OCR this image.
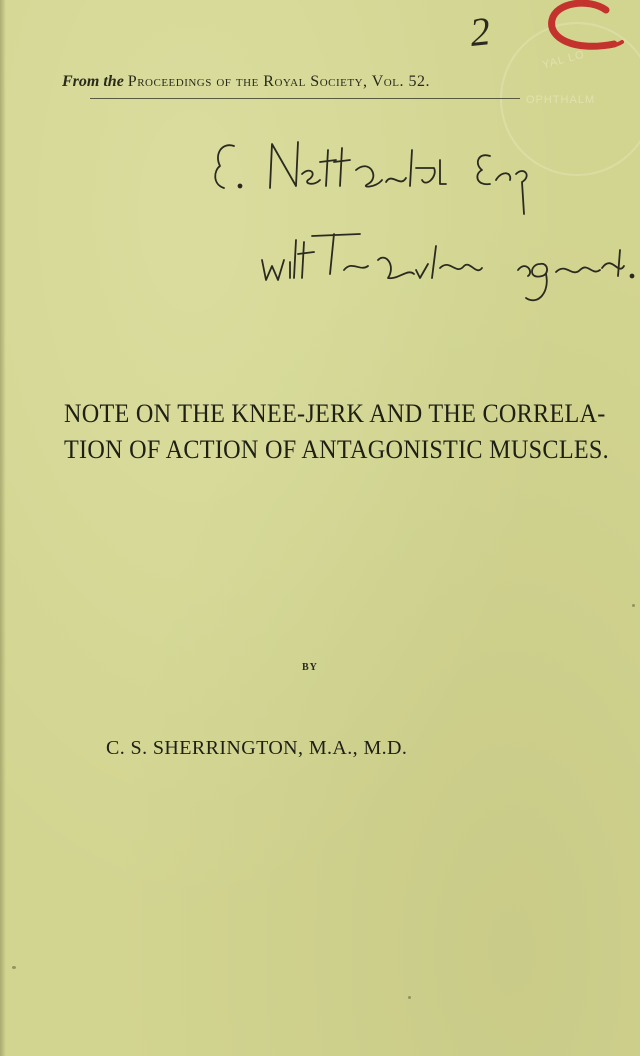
YAL LO
OPHTHALM
2
From the Proceedings of the Royal Society, Vol. 52.
NOTE ON THE KNEE-JERK AND THE CORRELA-
TION OF ACTION OF ANTAGONISTIC MUSCLES.
BY
C. S. SHERRINGTON, M.A., M.D.
